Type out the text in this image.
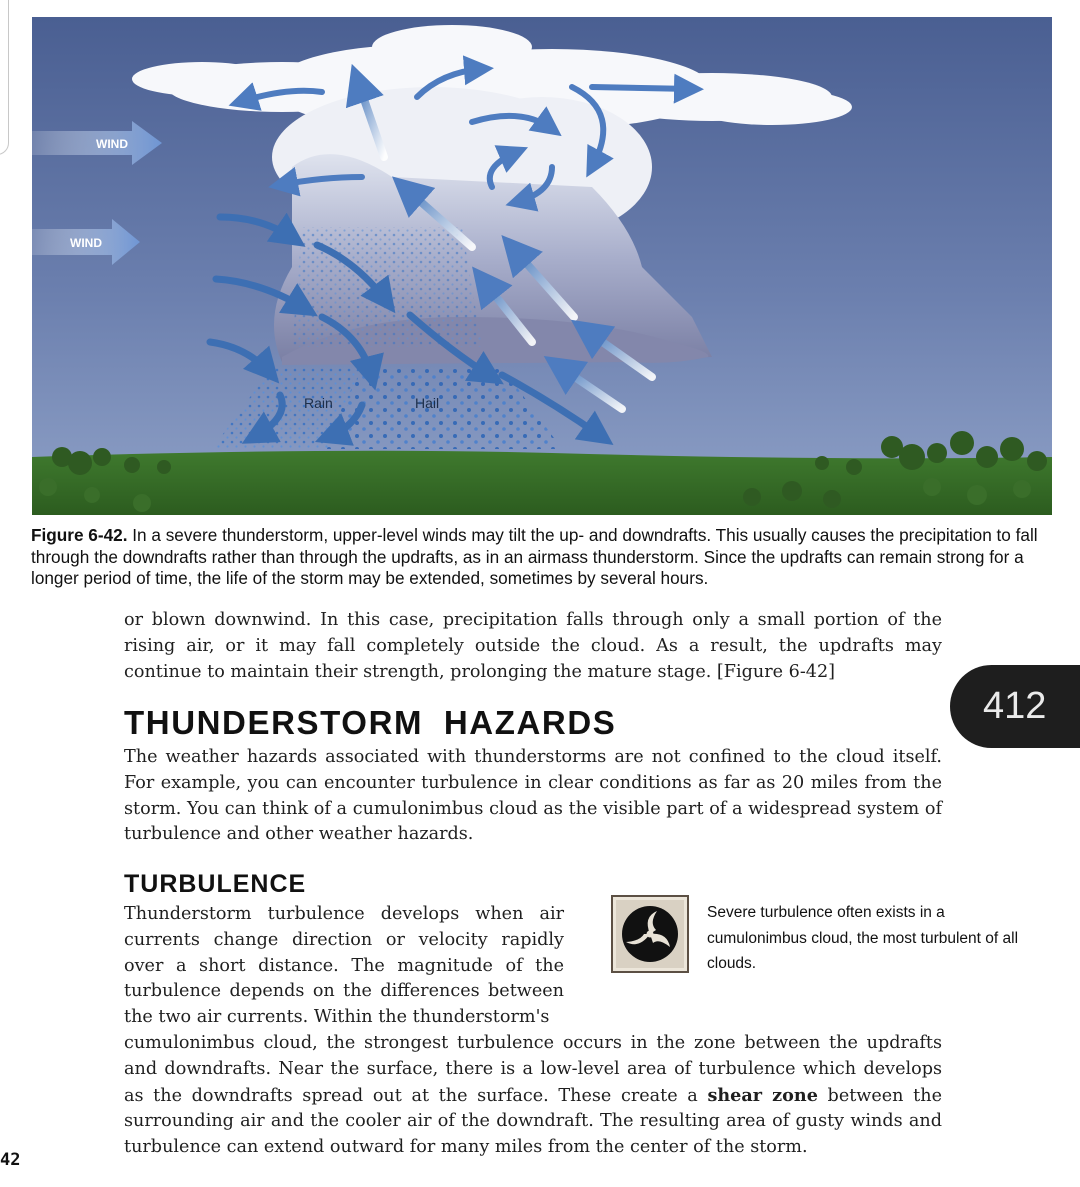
WIND
WIND
Rain	Hail
Figure 6-42. In a severe thunderstorm, upper-level winds may tilt the up- and downdrafts. This usually causes the precipitation to fall through the downdrafts rather than through the updrafts, as in an airmass thunderstorm. Since the updrafts can remain strong for a longer period of time, the life of the storm may be extended, sometimes by several hours.

or blown downwind. In this case, precipitation falls through only a small portion of the rising air, or it may fall completely outside the cloud. As a result, the updrafts may continue to maintain their strength, prolonging the mature stage. [Figure 6-42]

412
THUNDERSTORM HAZARDS

The weather hazards associated with thunderstorms are not confined to the cloud itself. For example, you can encounter turbulence in clear conditions as far as 20 miles from the storm. You can think of a cumulonimbus cloud as the visible part of a widespread system of turbulence and other weather hazards.

TURBULENCE

Thunderstorm turbulence develops when air currents change direction or velocity rapidly over a short distance. The magnitude of the turbulence depends on the differences between the two air currents. Within the thunderstorm's

cumulonimbus cloud, the strongest turbulence occurs in the zone between the updrafts and downdrafts. Near the surface, there is a low-level area of turbulence which develops as the downdrafts spread out at the surface. These create a shear zone between the surrounding air and the cooler air of the downdraft. The resulting area of gusty winds and turbulence can extend outward for many miles from the center of the storm.

Severe turbulence often exists in a cumulonimbus cloud, the most turbulent of all clouds.

42
